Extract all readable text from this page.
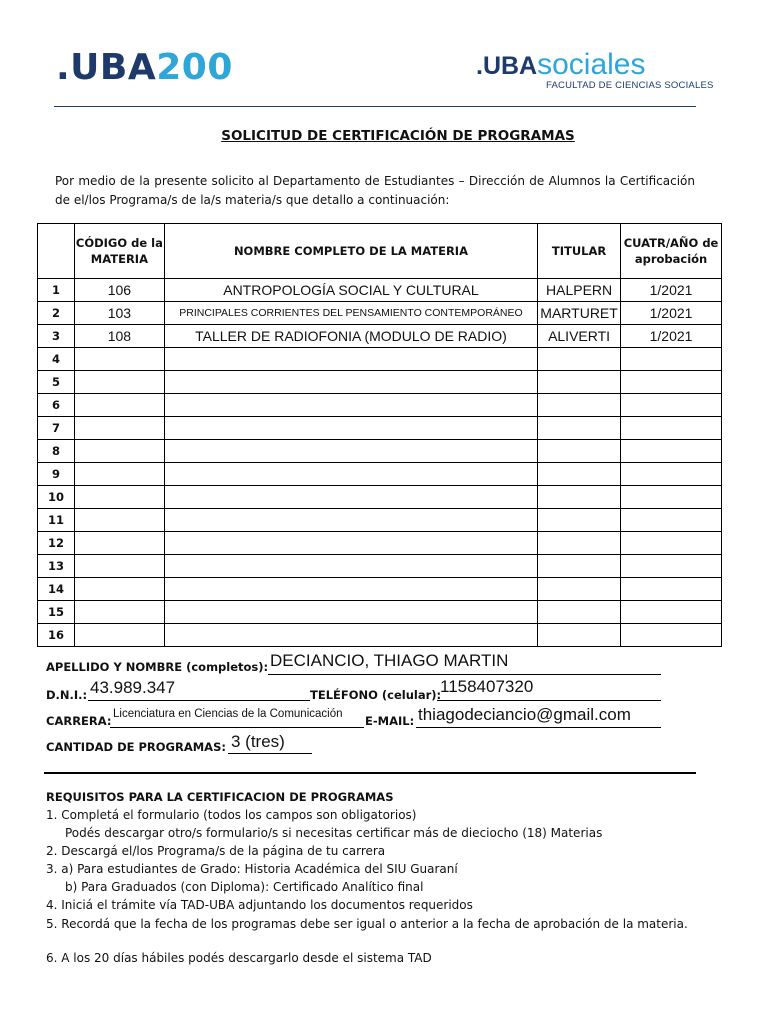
.UBA200	.UBAsociales
FACULTAD DE CIENCIAS SOCIALES
SOLICITUD DE CERTIFICACIÓN DE PROGRAMAS
Por medio de la presente solicito al Departamento de Estudiantes – Dirección de Alumnos la Certificación de el/los Programa/s de la/s materia/s que detallo a continuación:
	CÓDIGO de la MATERIA	NOMBRE COMPLETO DE LA MATERIA	TITULAR	CUATR/AÑO de aprobación
1	106	ANTROPOLOGÍA SOCIAL Y CULTURAL	HALPERN	1/2021
2	103	PRINCIPALES CORRIENTES DEL PENSAMIENTO CONTEMPORÁNEO	MARTURET	1/2021
3	108	TALLER DE RADIOFONIA (MODULO DE RADIO)	ALIVERTI	1/2021
4				
5				
6				
7				
8				
9				
10				
11				
12				
13				
14				
15				
16				
APELLIDO Y NOMBRE (completos): DECIANCIO, THIAGO MARTIN
D.N.I.: 43.989.347	TELÉFONO (celular):
1158407320
CARRERA: Licenciatura en Ciencias de la Comunicación E-MAIL: thiagodeciancio@gmail.com
CANTIDAD DE PROGRAMAS: 3 (tres)
REQUISITOS PARA LA CERTIFICACION DE PROGRAMAS
1. Completá el formulario (todos los campos son obligatorios)
Podés descargar otro/s formulario/s si necesitas certificar más de dieciocho (18) Materias
2. Descargá el/los Programa/s de la página de tu carrera
3. a) Para estudiantes de Grado: Historia Académica del SIU Guaraní
b) Para Graduados (con Diploma): Certificado Analítico final
4. Iniciá el trámite vía TAD-UBA adjuntando los documentos requeridos
5. Recordá que la fecha de los programas debe ser igual o anterior a la fecha de aprobación de la materia.
6. A los 20 días hábiles podés descargarlo desde el sistema TAD
